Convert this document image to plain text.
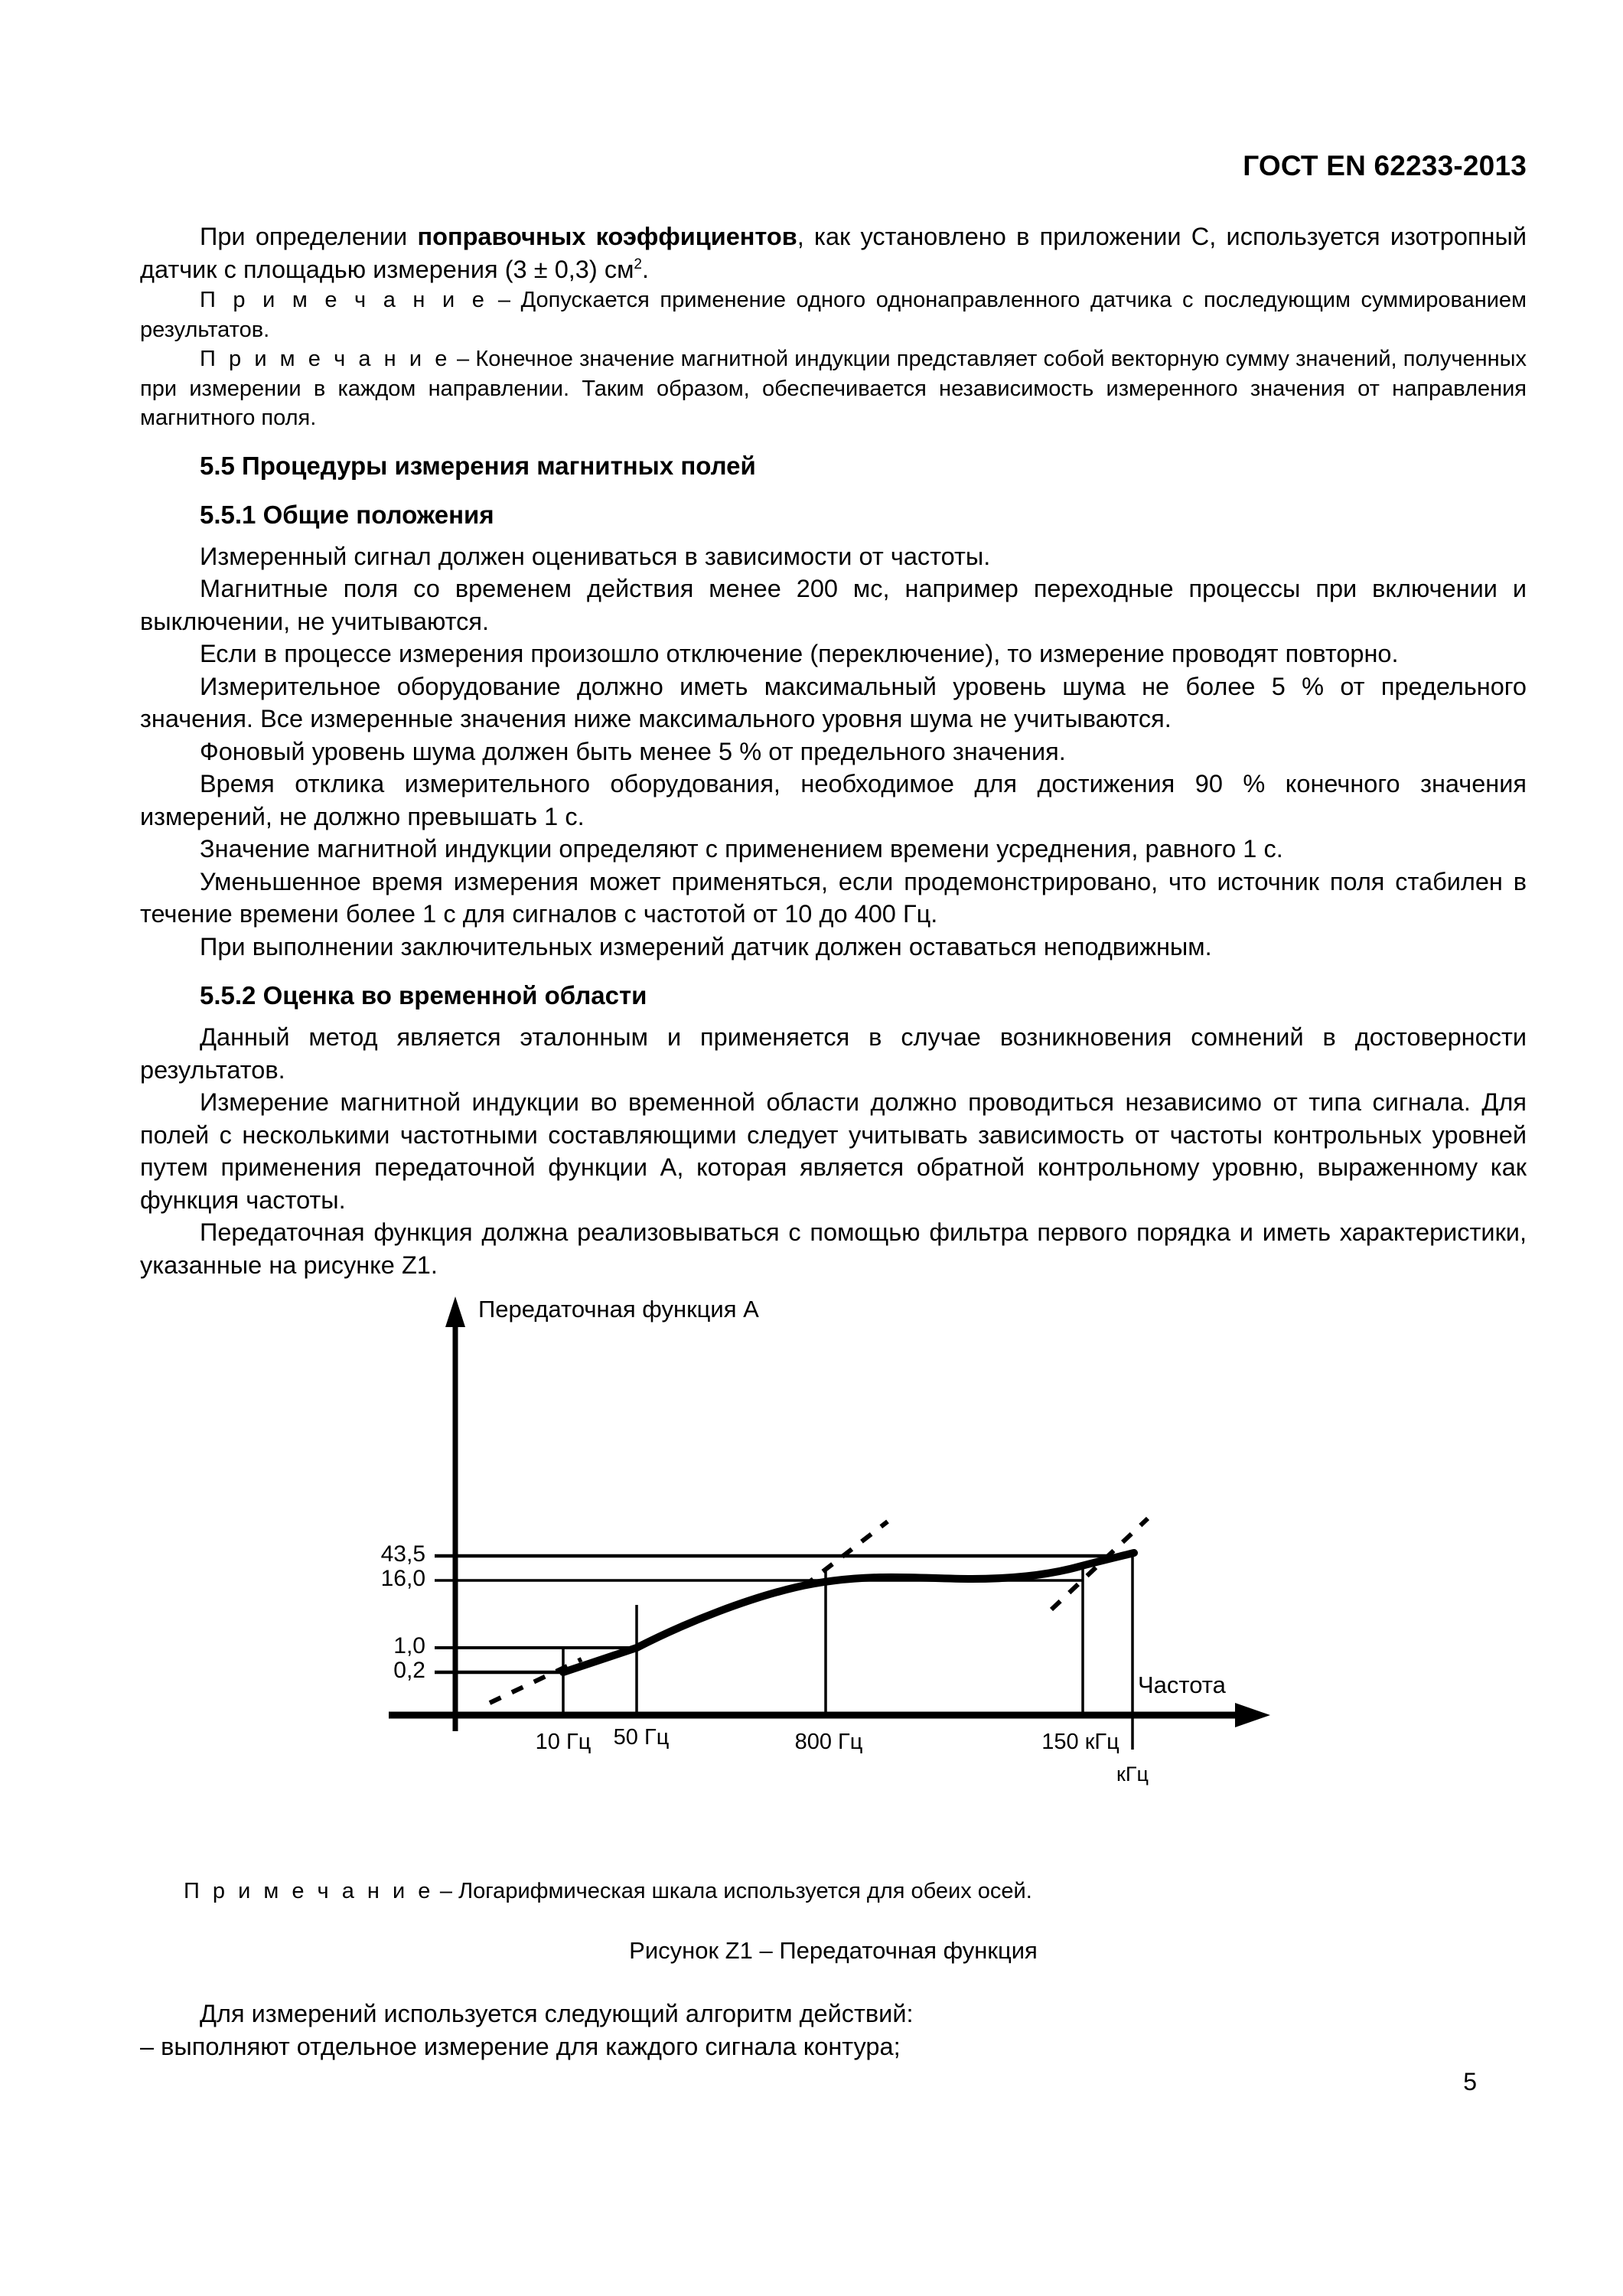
ГОСТ EN 62233-2013

При определении поправочных коэффициентов, как установлено в приложении C, используется изотропный датчик с площадью измерения (3 ± 0,3) $см^2$.

П р и м е ч а н и е – Допускается применение одного однонаправленного датчика с последующим суммированием результатов.

П р и м е ч а н и е – Конечное значение магнитной индукции представляет собой векторную сумму значений, полученных при измерении в каждом направлении. Таким образом, обеспечивается независимость измеренного значения от направления магнитного поля.

5.5 Процедуры измерения магнитных полей
5.5.1 Общие положения

Измеренный сигнал должен оцениваться в зависимости от частоты.

Магнитные поля со временем действия менее 200 мс, например переходные процессы при включении и выключении, не учитываются.

Если в процессе измерения произошло отключение (переключение), то измерение проводят повторно.

Измерительное оборудование должно иметь максимальный уровень шума не более 5 % от предельного значения. Все измеренные значения ниже максимального уровня шума не учитываются.

Фоновый уровень шума должен быть менее 5 % от предельного значения.

Время отклика измерительного оборудования, необходимое для достижения 90 % конечного значения измерений, не должно превышать 1 с.

Значение магнитной индукции определяют с применением времени усреднения, равного 1 с.

Уменьшенное время измерения может применяться, если продемонстрировано, что источник поля стабилен в течение времени более 1 с для сигналов с частотой от 10 до 400 Гц.

При выполнении заключительных измерений датчик должен оставаться неподвижным.

5.5.2 Оценка во временной области

Данный метод является эталонным и применяется в случае возникновения сомнений в достоверности результатов.

Измерение магнитной индукции во временной области должно проводиться независимо от типа сигнала. Для полей с несколькими частотными составляющими следует учитывать зависимость от частоты контрольных уровней путем применения передаточной функции А, которая является обратной контрольному уровню, выраженному как функция частоты.

Передаточная функция должна реализовываться с помощью фильтра первого порядка и иметь характеристики, указанные на рисунке Z1.

Передаточная функция А
Частота
43,5
16,0
1,0
0,2
10 Гц 50 Гц	800 Гц	150 кГц
кГц
П р и м е ч а н и е – Логарифмическая шкала используется для обеих осей.
Рисунок Z1 – Передаточная функция

Для измерений используется следующий алгоритм действий:

– выполняют отдельное измерение для каждого сигнала контура;

5
